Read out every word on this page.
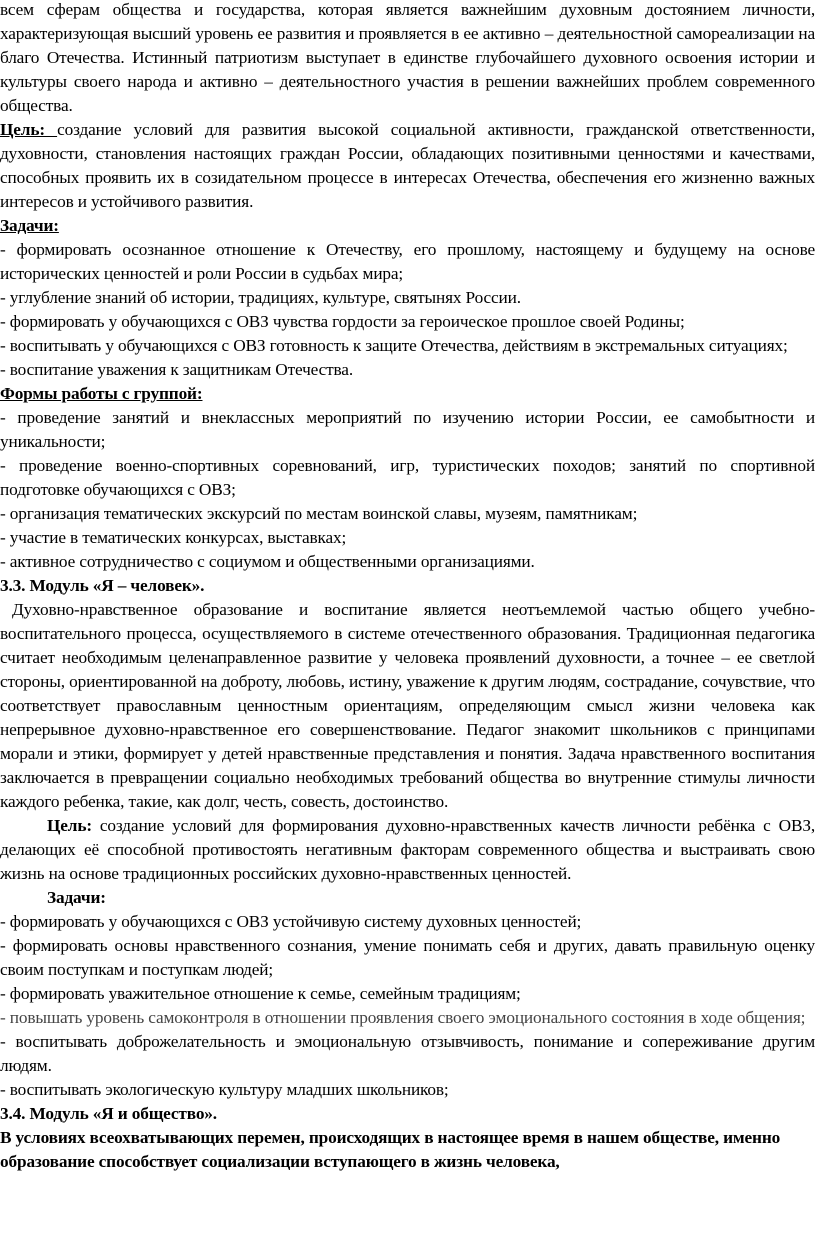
всем сферам общества и государства, которая является важнейшим духовным достоянием личности, характеризующая высший уровень ее развития и проявляется в ее активно – деятельностной самореализации на благо Отечества. Истинный патриотизм выступает в единстве глубочайшего духовного освоения истории и культуры своего народа и активно – деятельностного участия в решении важнейших проблем современного общества.

Цель: создание условий для развития высокой социальной активности, гражданской ответственности, духовности, становления настоящих граждан России, обладающих позитивными ценностями и качествами, способных проявить их в созидательном процессе в интересах Отечества, обеспечения его жизненно важных интересов и устойчивого развития.

Задачи:

- формировать осознанное отношение к Отечеству, его прошлому, настоящему и будущему на основе исторических ценностей и роли России в судьбах мира;

- углубление знаний об истории, традициях, культуре, святынях России.

- формировать у обучающихся с ОВЗ чувства гордости за героическое прошлое своей Родины;

- воспитывать у обучающихся с ОВЗ готовность к защите Отечества, действиям в экстремальных ситуациях;

- воспитание уважения к защитникам Отечества.

Формы работы с группой:

- проведение занятий и внеклассных мероприятий по изучению истории России, ее самобытности и уникальности;

- проведение военно-спортивных соревнований, игр, туристических походов; занятий по спортивной подготовке обучающихся с ОВЗ;

- организация тематических экскурсий по местам воинской славы, музеям, памятникам;

- участие в тематических конкурсах, выставках;

- активное сотрудничество с социумом и общественными организациями.

3.3. Модуль «Я – человек».

Духовно-нравственное образование и воспитание является неотъемлемой частью общего учебно-воспитательного процесса, осуществляемого в системе отечественного образования. Традиционная педагогика считает необходимым целенаправленное развитие у человека проявлений духовности, а точнее – ее светлой стороны, ориентированной на доброту, любовь, истину, уважение к другим людям, сострадание, сочувствие, что соответствует православным ценностным ориентациям, определяющим смысл жизни человека как непрерывное духовно-нравственное его совершенствование. Педагог знакомит школьников с принципами морали и этики, формирует у детей нравственные представления и понятия. Задача нравственного воспитания заключается в превращении социально необходимых требований общества во внутренние стимулы личности каждого ребенка, такие, как долг, честь, совесть, достоинство.

Цель: создание условий для формирования духовно-нравственных качеств личности ребёнка с ОВЗ, делающих её способной противостоять негативным факторам современного общества и выстраивать свою жизнь на основе традиционных российских духовно-нравственных ценностей.

Задачи:

- формировать у обучающихся с ОВЗ устойчивую систему духовных ценностей;

- формировать основы нравственного сознания, умение понимать себя и других, давать правильную оценку своим поступкам и поступкам людей;

- формировать уважительное отношение к семье, семейным традициям;

- повышать уровень самоконтроля в отношении проявления своего эмоционального состояния в ходе общения;

- воспитывать доброжелательность и эмоциональную отзывчивость, понимание и сопереживание другим людям.

- воспитывать экологическую культуру младших школьников;

3.4. Модуль «Я и общество».

В условиях всеохватывающих перемен, происходящих в настоящее время в нашем обществе, именно образование способствует социализации вступающего в жизнь человека,
